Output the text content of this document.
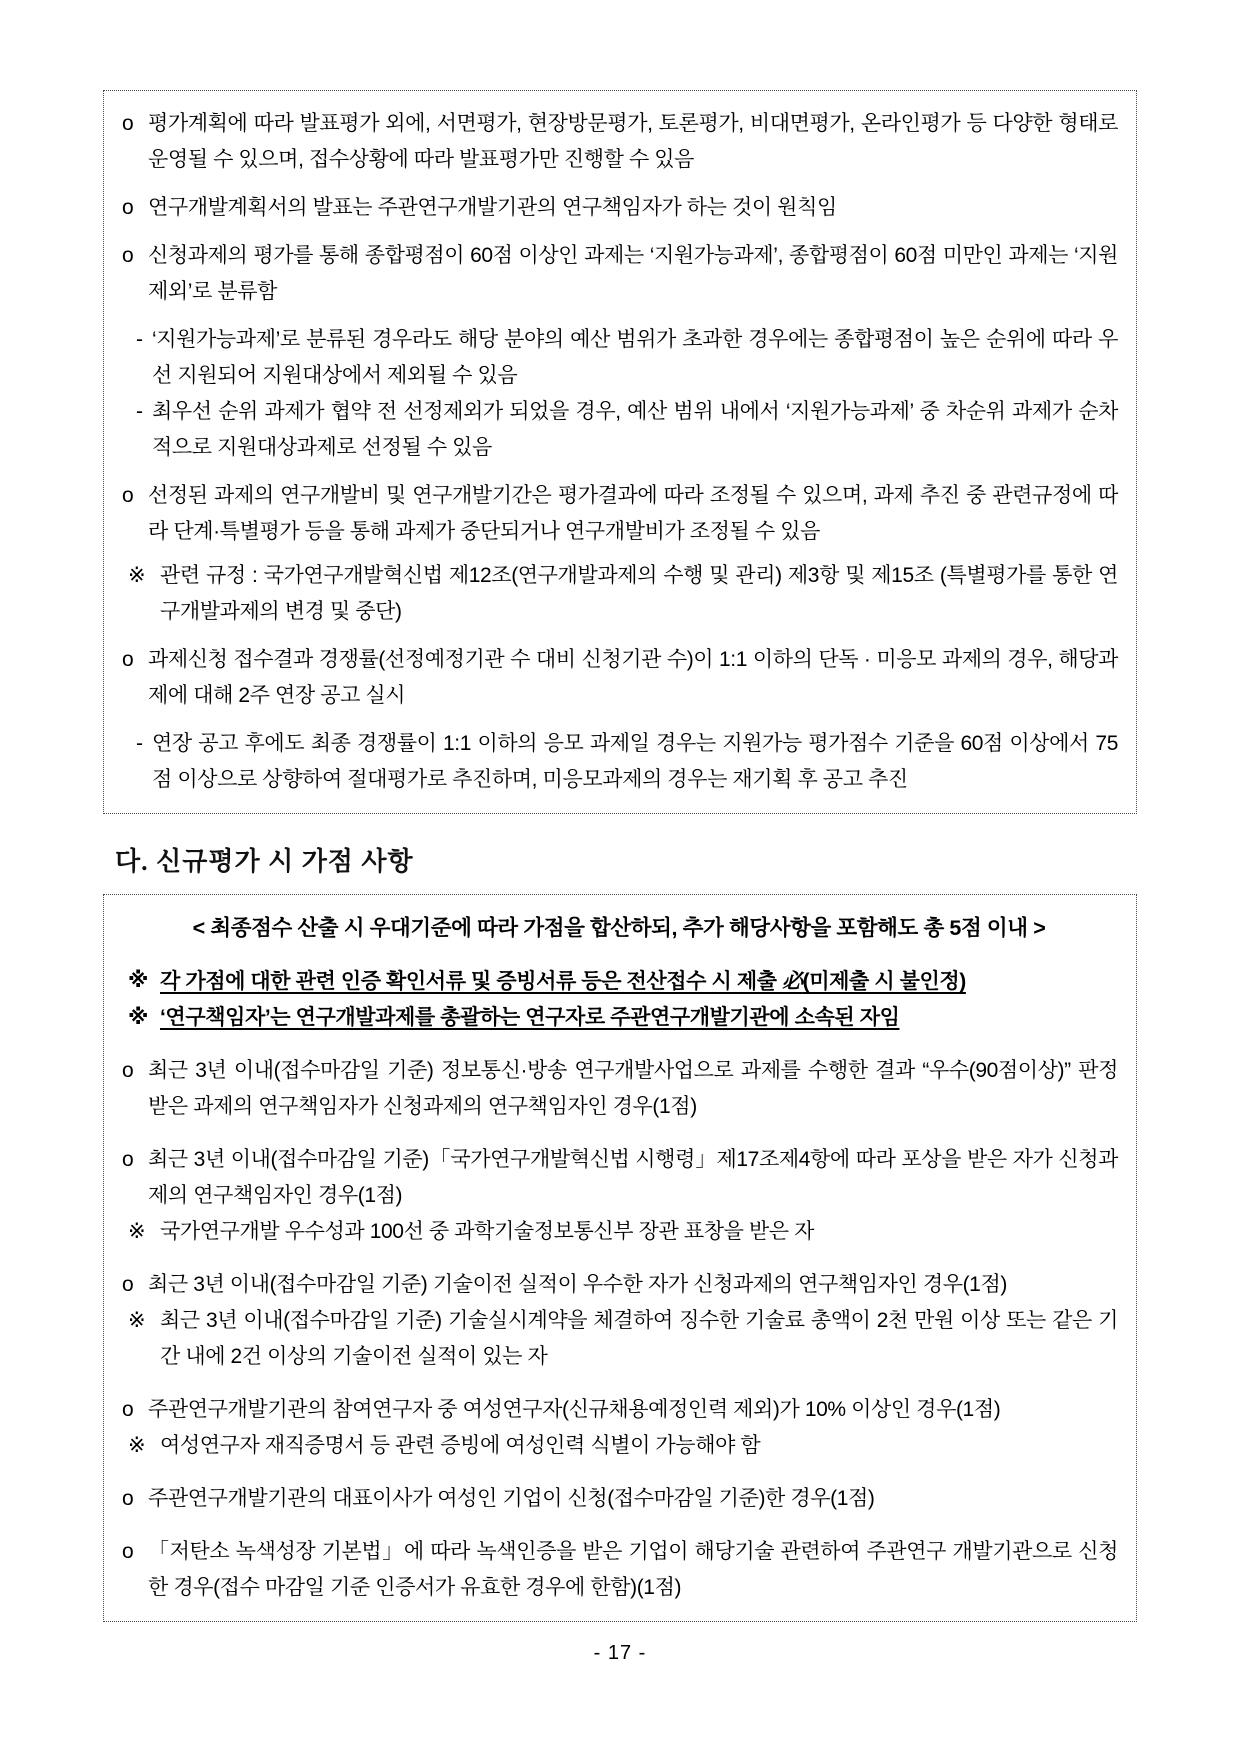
o 평가계획에 따라 발표평가 외에, 서면평가, 현장방문평가, 토론평가, 비대면평가, 온라인평가 등 다양한 형태로 운영될 수 있으며, 접수상황에 따라 발표평가만 진행할 수 있음
o 연구개발계획서의 발표는 주관연구개발기관의 연구책임자가 하는 것이 원칙임
o 신청과제의 평가를 통해 종합평점이 60점 이상인 과제는 ‘지원가능과제’, 종합평점이 60점 미만인 과제는 ‘지원제외’로 분류함
- ‘지원가능과제’로 분류된 경우라도 해당 분야의 예산 범위가 초과한 경우에는 종합평점이 높은 순위에 따라 우선 지원되어 지원대상에서 제외될 수 있음
- 최우선 순위 과제가 협약 전 선정제외가 되었을 경우, 예산 범위 내에서 ‘지원가능과제’ 중 차순위 과제가 순차적으로 지원대상과제로 선정될 수 있음
o 선정된 과제의 연구개발비 및 연구개발기간은 평가결과에 따라 조정될 수 있으며, 과제 추진 중 관련규정에 따라 단계·특별평가 등을 통해 과제가 중단되거나 연구개발비가 조정될 수 있음
※ 관련 규정 : 국가연구개발혁신법 제12조(연구개발과제의 수행 및 관리) 제3항 및 제15조 (특별평가를 통한 연구개발과제의 변경 및 중단)
o 과제신청 접수결과 경쟁률(선정예정기관 수 대비 신청기관 수)이 1:1 이하의 단독 · 미응모 과제의 경우, 해당과제에 대해 2주 연장 공고 실시
- 연장 공고 후에도 최종 경쟁률이 1:1 이하의 응모 과제일 경우는 지원가능 평가점수 기준을 60점 이상에서 75점 이상으로 상향하여 절대평가로 추진하며, 미응모과제의 경우는 재기획 후 공고 추진
다. 신규평가 시 가점 사항
< 최종점수 산출 시 우대기준에 따라 가점을 합산하되, 추가 해당사항을 포함해도 총 5점 이내 >
※ 각 가점에 대한 관련 인증 확인서류 및 증빙서류 등은 전산접수 시 제출 必(미제출 시 불인정)
※ ‘연구책임자’는 연구개발과제를 총괄하는 연구자로 주관연구개발기관에 소속된 자임
o 최근 3년 이내(접수마감일 기준) 정보통신·방송 연구개발사업으로 과제를 수행한 결과 “우수(90점이상)” 판정 받은 과제의 연구책임자가 신청과제의 연구책임자인 경우(1점)
o 최근 3년 이내(접수마감일 기준)「국가연구개발혁신법 시행령」제17조제4항에 따라 포상을 받은 자가 신청과제의 연구책임자인 경우(1점)
※ 국가연구개발 우수성과 100선 중 과학기술정보통신부 장관 표창을 받은 자
o 최근 3년 이내(접수마감일 기준) 기술이전 실적이 우수한 자가 신청과제의 연구책임자인 경우(1점)
※ 최근 3년 이내(접수마감일 기준) 기술실시계약을 체결하여 징수한 기술료 총액이 2천 만원 이상 또는 같은 기간 내에 2건 이상의 기술이전 실적이 있는 자
o 주관연구개발기관의 참여연구자 중 여성연구자(신규채용예정인력 제외)가 10% 이상인 경우(1점)
※ 여성연구자 재직증명서 등 관련 증빙에 여성인력 식별이 가능해야 함
o 주관연구개발기관의 대표이사가 여성인 기업이 신청(접수마감일 기준)한 경우(1점)
o 「저탄소 녹색성장 기본법」에 따라 녹색인증을 받은 기업이 해당기술 관련하여 주관연구 개발기관으로 신청한 경우(접수 마감일 기준 인증서가 유효한 경우에 한함)(1점)
- 17 -
